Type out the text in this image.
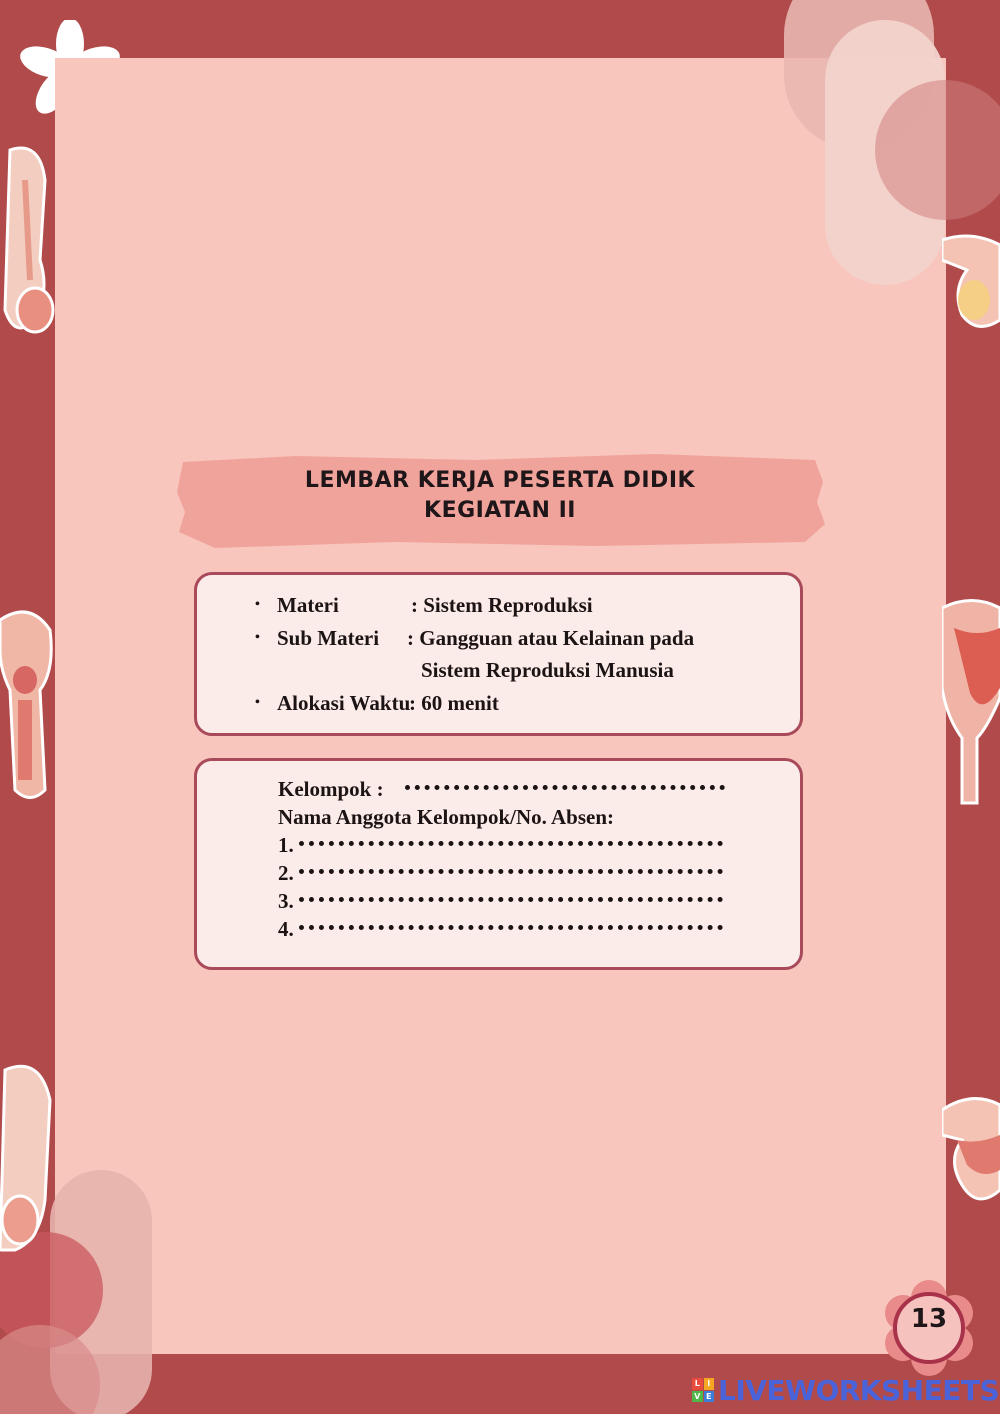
LEMBAR KERJA PESERTA DIDIK
KEGIATAN II
• Materi	: Sistem Reproduksi
• Sub Materi : Gangguan atau Kelainan pada
Sistem Reproduksi Manusia
• Alokasi Waktu
: 60 menit
Kelompok :
Nama Anggota Kelompok/No. Absen:
1.
2.
3.
4.
13
L I
V E LIVEWORKSHEETS
